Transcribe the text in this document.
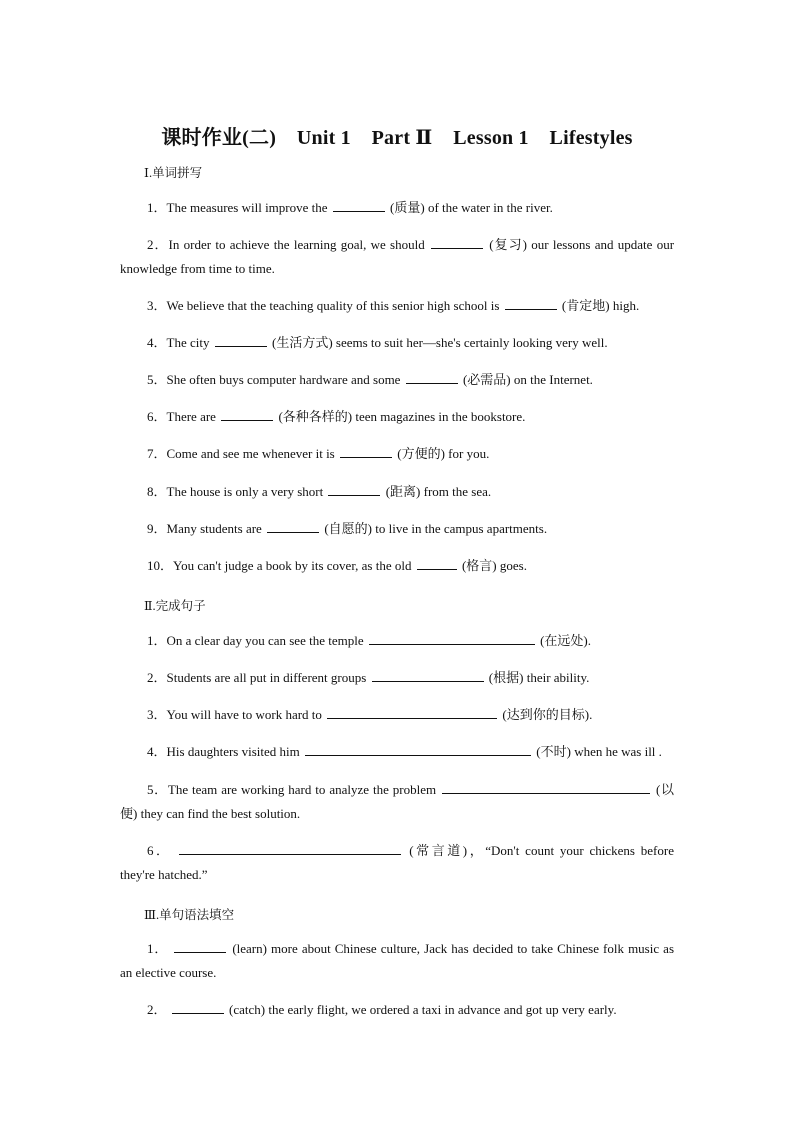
课时作业(二)    Unit 1    Part Ⅱ    Lesson 1    Lifestyles
Ⅰ.单词拼写
1．The measures will improve the	(质量) of the water in the river.
2．In order to achieve the learning goal, we should	(复习) our lessons and update our knowledge from time to time.
3．We believe that the teaching quality of this senior high school is	(肯定地) high.
4．The city	(生活方式) seems to suit her—she's certainly looking very well.
5．She often buys computer hardware and some	(必需品) on the Internet.
6．There are	(各种各样的) teen magazines in the bookstore.
7．Come and see me whenever it is	(方便的) for you.
8．The house is only a very short	(距离) from the sea.
9．Many students are	(自愿的) to live in the campus apartments.
10．You can't judge a book by its cover, as the old	(格言) goes.
Ⅱ.完成句子
1．On a clear day you can see the temple	(在远处).
2．Students are all put in different groups	(根据) their ability.
3．You will have to work hard to	(达到你的目标).
4．His daughters visited him	(不时) when he was ill .
5．The team are working hard to analyze the problem	(以便) they can find the best solution.
6．	(常言道)，“Don't count your chickens before they're hatched.”
Ⅲ.单句语法填空
1．	(learn) more about Chinese culture, Jack has decided to take Chinese folk music as an elective course.
2．	(catch) the early flight, we ordered a taxi in advance and got up very early.
